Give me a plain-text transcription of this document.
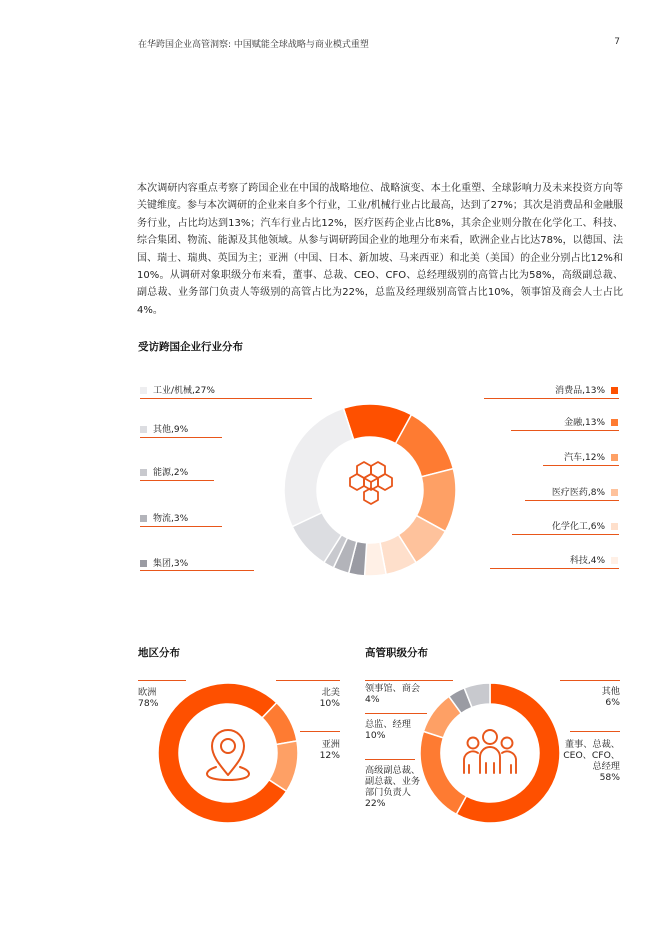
在华跨国企业高管洞察: 中国赋能全球战略与商业模式重塑	7
本次调研内容重点考察了跨国企业在中国的战略地位、战略演变、本土化重塑、全球影响力及未来投资方向等关键维度。参与本次调研的企业来自多个行业，工业/机械行业占比最高，达到了27%；其次是消费品和金融服务行业，占比均达到13%；汽车行业占比12%，医疗医药企业占比8%，其余企业则分散在化学化工、科技、综合集团、物流、能源及其他领域。从参与调研跨国企业的地理分布来看，欧洲企业占比达78%，以德国、法国、瑞士、瑞典、英国为主；亚洲（中国、日本、新加坡、马来西亚）和北美（美国）的企业分别占比12%和10%。从调研对象职级分布来看，董事、总裁、CEO、CFO、总经理级别的高管占比为58%，高级副总裁、副总裁、业务部门负责人等级别的高管占比为22%，总监及经理级别高管占比10%，领事馆及商会人士占比4%。
受访跨国企业行业分布
工业/机械,27%
其他,9%
能源,2%
物流,3%
集团,3%
消费品,13%
金融,13%
汽车,12%
医疗医药,8%
化学化工,6%
科技,4%
地区分布
欧洲
78%
北美
10%
亚洲
12%
高管职级分布
领事馆、商会
4%
总监、经理
10%
高级副总裁、
副总裁、业务
部门负责人
22%
其他
6%
董事、总裁、
CEO、CFO、
总经理
58%
